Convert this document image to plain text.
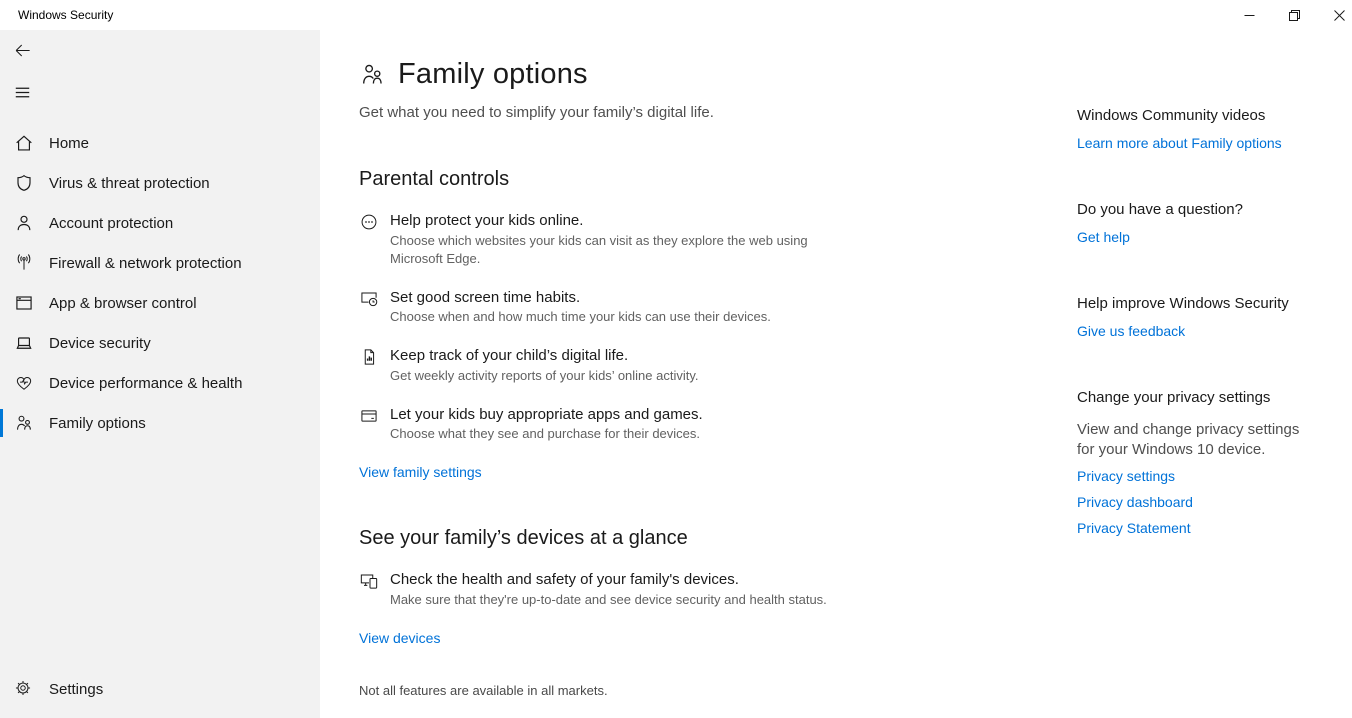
Windows Security
Home
Virus & threat protection
Account protection
Firewall & network protection
App & browser control
Device security
Device performance & health
Family options
Settings
Family options
Get what you need to simplify your family’s digital life.
Parental controls
Help protect your kids online.
Choose which websites your kids can visit as they explore the web using Microsoft Edge.
Set good screen time habits.
Choose when and how much time your kids can use their devices.
Keep track of your child’s digital life.
Get weekly activity reports of your kids’ online activity.
Let your kids buy appropriate apps and games.
Choose what they see and purchase for their devices.
View family settings
See your family’s devices at a glance
Check the health and safety of your family's devices.
Make sure that they're up-to-date and see device security and health status.
View devices
Not all features are available in all markets.
Windows Community videos
Learn more about Family options
Do you have a question?
Get help
Help improve Windows Security
Give us feedback
Change your privacy settings
View and change privacy settings for your Windows 10 device.
Privacy settings
Privacy dashboard
Privacy Statement
